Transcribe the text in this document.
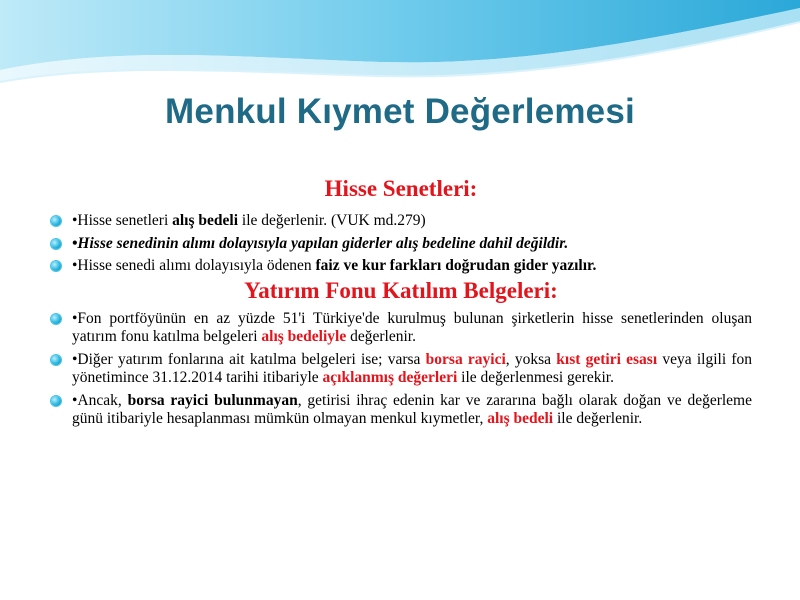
Menkul Kıymet Değerlemesi
Hisse Senetleri:
•Hisse senetleri alış bedeli ile değerlenir. (VUK md.279)
•Hisse senedinin alımı dolayısıyla yapılan giderler alış bedeline dahil değildir.
•Hisse senedi alımı dolayısıyla ödenen faiz ve kur farkları doğrudan gider yazılır.
Yatırım Fonu Katılım Belgeleri:
•Fon portföyünün en az yüzde 51'i Türkiye'de kurulmuş bulunan şirketlerin hisse senetlerinden oluşan yatırım fonu katılma belgeleri alış bedeliyle değerlenir.
•Diğer yatırım fonlarına ait katılma belgeleri ise; varsa borsa rayici, yoksa kıst getiri esası veya ilgili fon yönetimince 31.12.2014 tarihi itibariyle açıklanmış değerleri ile değerlenmesi gerekir.
•Ancak, borsa rayici bulunmayan, getirisi ihraç edenin kar ve zararına bağlı olarak doğan ve değerleme günü itibariyle hesaplanması mümkün olmayan menkul kıymetler, alış bedeli ile değerlenir.
